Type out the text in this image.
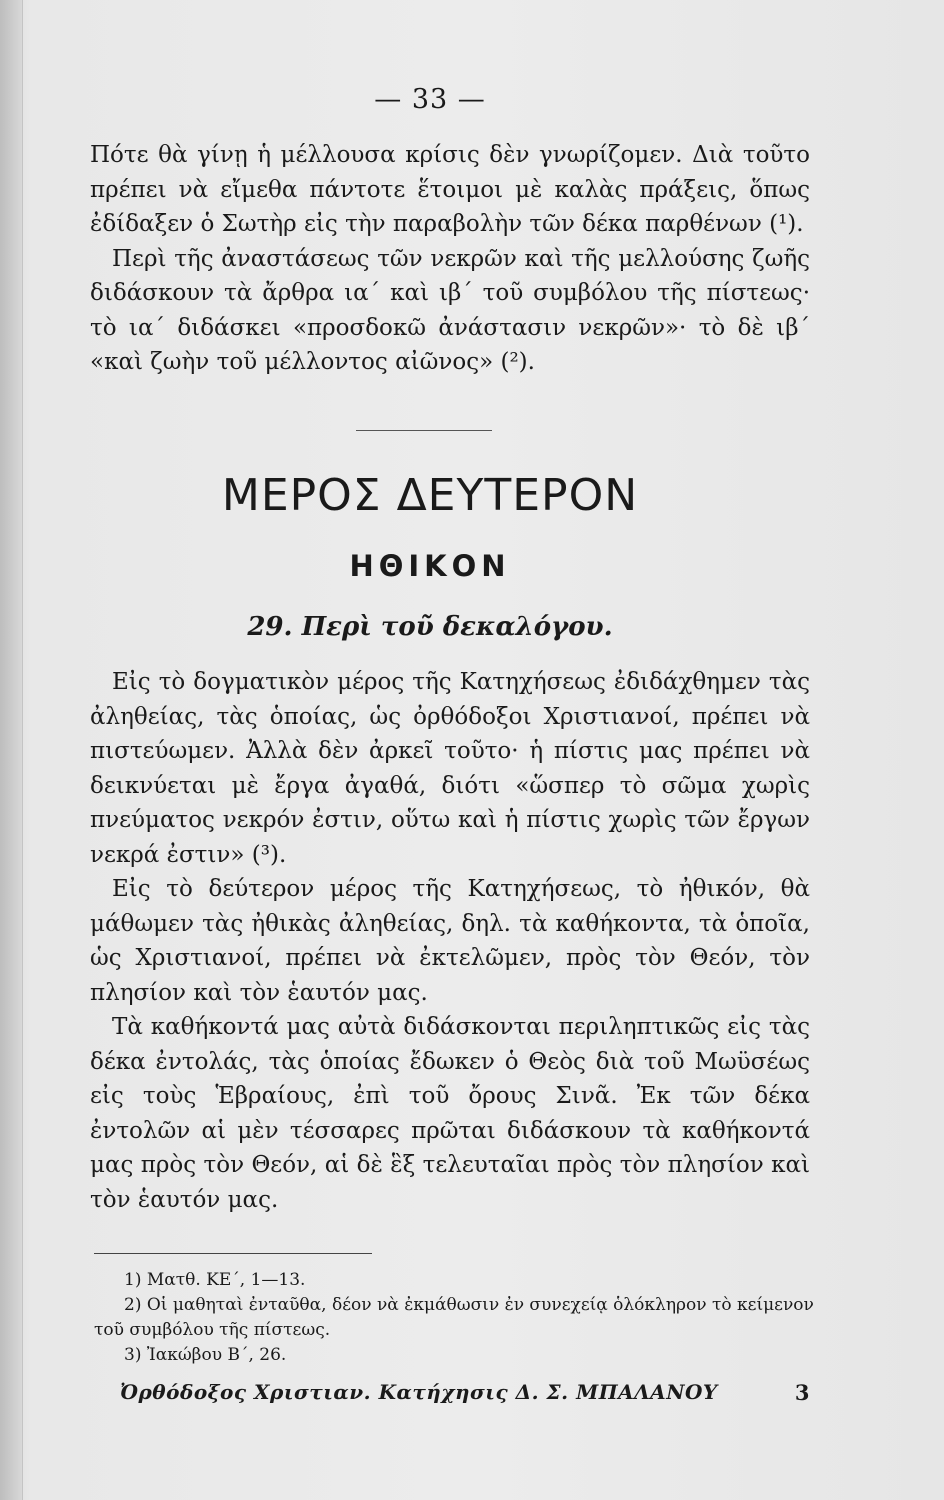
— 33 —

Πότε θὰ γίνῃ ἡ μέλλουσα κρίσις δὲν γνωρίζομεν. Διὰ τοῦτο πρέπει νὰ εἴμεθα πάντοτε ἕτοιμοι μὲ καλὰς πράξεις, ὅπως ἐδίδαξεν ὁ Σωτὴρ εἰς τὴν παραβολὴν τῶν δέκα παρθένων (¹).

Περὶ τῆς ἀναστάσεως τῶν νεκρῶν καὶ τῆς μελλούσης ζωῆς διδάσκουν τὰ ἄρθρα ια΄ καὶ ιβ΄ τοῦ συμβόλου τῆς πίστεως· τὸ ια΄ διδάσκει «προσδοκῶ ἀνάστασιν νεκρῶν»· τὸ δὲ ιβ΄ «καὶ ζωὴν τοῦ μέλλοντος αἰῶνος» (²).

ΜΕΡΟΣ ΔΕΥΤΕΡΟΝ
ΗΘΙΚΟΝ
29. Περὶ τοῦ δεκαλόγου.

Εἰς τὸ δογματικὸν μέρος τῆς Κατηχήσεως ἐδιδάχθημεν τὰς ἀληθείας, τὰς ὁποίας, ὡς ὀρθόδοξοι Χριστιανοί, πρέπει νὰ πιστεύωμεν. Ἀλλὰ δὲν ἀρκεῖ τοῦτο· ἡ πίστις μας πρέπει νὰ δεικνύεται μὲ ἔργα ἀγαθά, διότι «ὥσπερ τὸ σῶμα χωρὶς πνεύματος νεκρόν ἐστιν, οὕτω καὶ ἡ πίστις χωρὶς τῶν ἔργων νεκρά ἐστιν» (³).

Εἰς τὸ δεύτερον μέρος τῆς Κατηχήσεως, τὸ ἠθικόν, θὰ μάθωμεν τὰς ἠθικὰς ἀληθείας, δηλ. τὰ καθήκοντα, τὰ ὁποῖα, ὡς Χριστιανοί, πρέπει νὰ ἐκτελῶμεν, πρὸς τὸν Θεόν, τὸν πλησίον καὶ τὸν ἑαυτόν μας.

Τὰ καθήκοντά μας αὐτὰ διδάσκονται περιληπτικῶς εἰς τὰς δέκα ἐντολάς, τὰς ὁποίας ἔδωκεν ὁ Θεὸς διὰ τοῦ Μωϋσέως εἰς τοὺς Ἑβραίους, ἐπὶ τοῦ ὄρους Σινᾶ. Ἐκ τῶν δέκα ἐντολῶν αἱ μὲν τέσσαρες πρῶται διδάσκουν τὰ καθήκοντά μας πρὸς τὸν Θεόν, αἱ δὲ ἓξ τελευταῖαι πρὸς τὸν πλησίον καὶ τὸν ἑαυτόν μας.

1) Ματθ. ΚΕ΄, 1—13.

2) Οἱ μαθηταὶ ἐνταῦθα, δέον νὰ ἐκμάθωσιν ἐν συνεχείᾳ ὁλόκληρον τὸ κείμενον τοῦ συμβόλου τῆς πίστεως.

3) Ἰακώβου Β΄, 26.

Ὀρθόδοξος Χριστιαν. Κατήχησις Δ. Σ. ΜΠΑΛΑΝΟΥ	3
